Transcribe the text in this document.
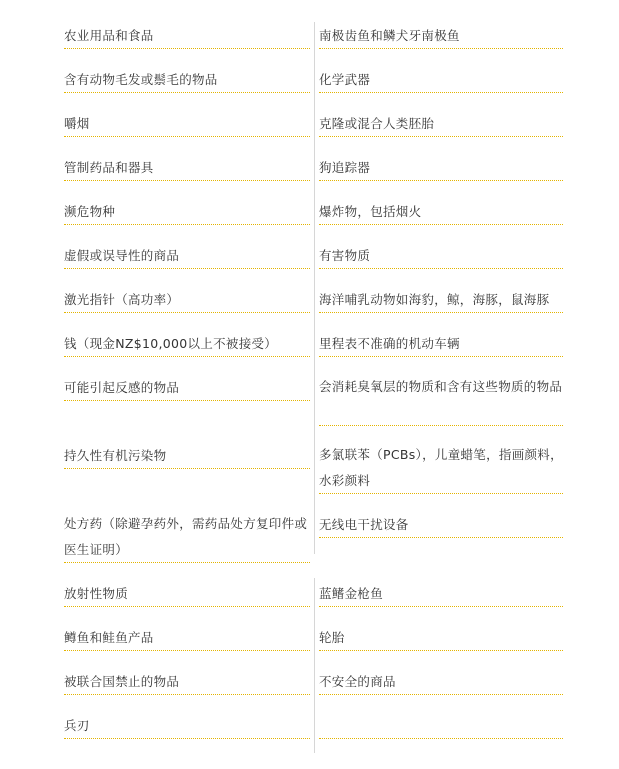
农业用品和食品
含有动物毛发或鬃毛的物品
嚼烟
管制药品和器具
濒危物种
虚假或误导性的商品
激光指针（高功率）
钱（现金NZ$10,000以上不被接受）
可能引起反感的物品
持久性有机污染物
处方药（除避孕药外，需药品处方复印件或医生证明）
南极齿鱼和鳞犬牙南极鱼
化学武器
克隆或混合人类胚胎
狗追踪器
爆炸物，包括烟火
有害物质
海洋哺乳动物如海豹，鲸，海豚，鼠海豚
里程表不准确的机动车辆
会消耗臭氧层的物质和含有这些物质的物品
多氯联苯（PCBs），儿童蜡笔，指画颜料，水彩颜料
无线电干扰设备
放射性物质
鳟鱼和鲑鱼产品
被联合国禁止的物品
兵刃
蓝鳍金枪鱼
轮胎
不安全的商品
